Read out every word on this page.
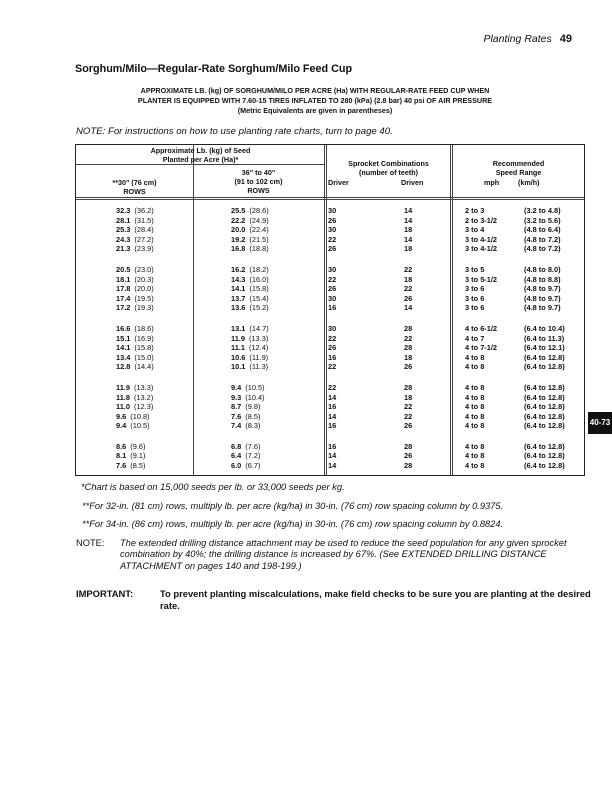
Planting Rates 49
Sorghum/Milo—Regular-Rate Sorghum/Milo Feed Cup
APPROXIMATE LB. (kg) OF SORGHUM/MILO PER ACRE (Ha) WITH REGULAR-RATE FEED CUP WHEN
PLANTER IS EQUIPPED WITH 7.60-15 TIRES INFLATED TO 280 (kPa) (2.8 bar) 40 psi OF AIR PRESSURE
(Metric Equivalents are given in parentheses)
NOTE: For instructions on how to use planting rate charts, turn to page 40.
Approximate Lb. (kg) of Seed
Planted per Acre (Ha)*
**30" (76 cm)
ROWS
36" to 40"
(91 to 102 cm)
ROWS
Sprocket Combinations
(number of teeth)
Driver	Driven
Recommended
Speed Range
mph	(km/h)
32.3 (36.2)	25.5 (28.6)	30	14	2 to 3	(3.2 to 4.8)
28.1 (31.5)	22.2 (24.9)	26	14	2 to 3-1/2	(3.2 to 5.6)
25.3 (28.4)	20.0 (22.4)	30	18	3 to 4	(4.8 to 6.4)
24.3 (27.2)	19.2 (21.5)	22	14	3 to 4-1/2	(4.8 to 7.2)
21.3 (23.9)	16.8 (18.8)	26	18	3 to 4-1/2	(4.8 to 7.2)
20.5 (23.0)	16.2 (18.2)	30	22	3 to 5	(4.8 to 8.0)
18.1 (20.3)	14.3 (16.0)	22	18	3 to 5-1/2	(4.8 to 8.8)
17.8 (20.0)	14.1 (15.8)	26	22	3 to 6	(4.8 to 9.7)
17.4 (19.5)	13.7 (15.4)	30	26	3 to 6	(4.8 to 9.7)
17.2 (19.3)	13.6 (15.2)	16	14	3 to 6	(4.8 to 9.7)
16.6 (18.6)	13.1 (14.7)	30	28	4 to 6-1/2	(6.4 to 10.4)
15.1 (16.9)	11.9 (13.3)	22	22	4 to 7	(6.4 to 11.3)
14.1 (15.8)	11.1 (12.4)	26	28	4 to 7-1/2	(6.4 to 12.1)
13.4 (15.0)	10.6 (11.9)	16	18	4 to 8	(6.4 to 12.8)
12.8 (14.4)	10.1 (11.3)	22	26	4 to 8	(6.4 to 12.8)
11.9 (13.3)	9.4 (10.5)	22	28	4 to 8	(6.4 to 12.8)
11.8 (13.2)	9.3 (10.4)	14	18	4 to 8	(6.4 to 12.8)
11.0 (12.3)	8.7 (9.8)	16	22	4 to 8	(6.4 to 12.8)
9.6 (10.8)	7.6 (8.5)	14	22	4 to 8	(6.4 to 12.8)
9.4 (10.5)	7.4 (8.3)	16	26	4 to 8	(6.4 to 12.8)
8.6 (9.6)	6.8 (7.6)	16	28	4 to 8	(6.4 to 12.8)
8.1 (9.1)	6.4 (7.2)	14	26	4 to 8	(6.4 to 12.8)
7.6 (8.5)	6.0 (6.7)	14	28	4 to 8	(6.4 to 12.8)
40-73

*Chart is based on 15,000 seeds per lb. or 33,000 seeds per kg.

**For 32-in. (81 cm) rows, multiply lb. per acre (kg/ha) in 30-in. (76 cm) row spacing column by 0.9375.

**For 34-in. (86 cm) rows, multiply lb. per acre (kg/ha) in 30-in. (76 cm) row spacing column by 0.8824.

NOTE:	The extended drilling distance attachment may be used to reduce the seed population for any given sprocket combination by 40%; the drilling distance is increased by 67%. (See EXTENDED DRILLING DISTANCE ATTACHMENT on pages 140 and 198-199.)
IMPORTANT:	To prevent planting miscalculations, make field checks to be sure you are planting at the desired rate.
